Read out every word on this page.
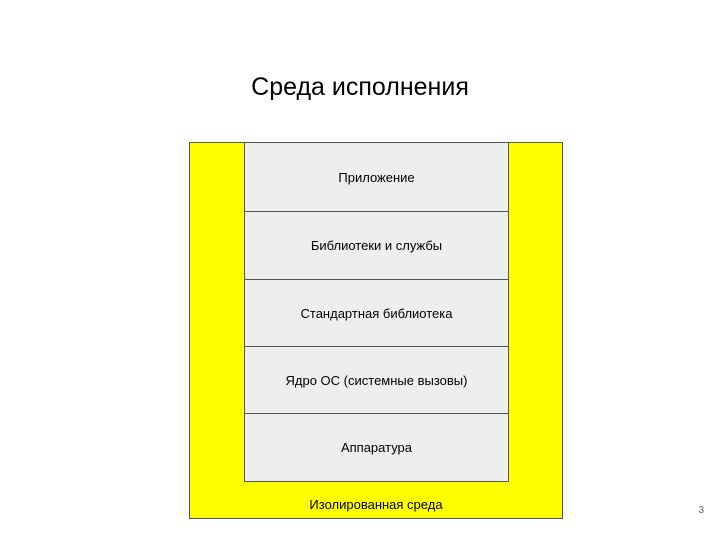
Среда исполнения
Приложение
Библиотеки и службы
Стандартная библиотека
Ядро ОС (системные вызовы)
Аппаратура
Изолированная среда	3
